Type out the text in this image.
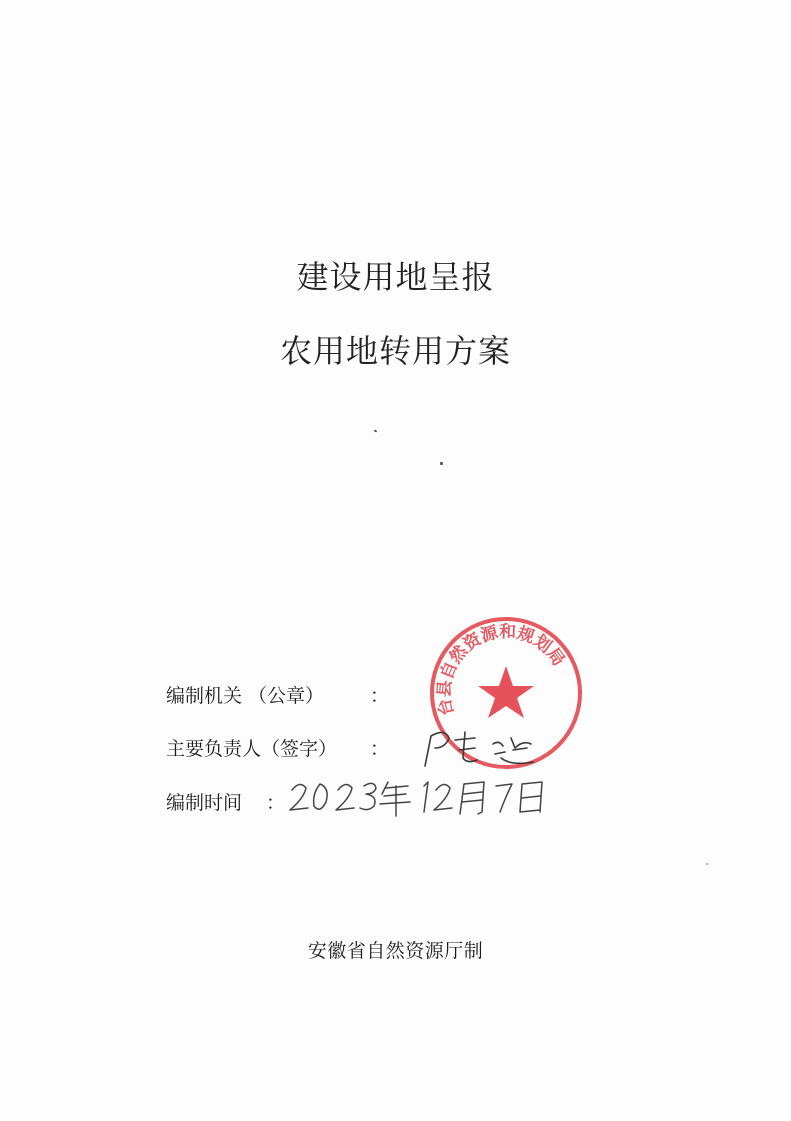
建设用地呈报
农用地转用方案
台县自然资源和规划局
编制机关 （公章） ：
主要负责人（签字） ：
编制时间 ：
安徽省自然资源厅制
